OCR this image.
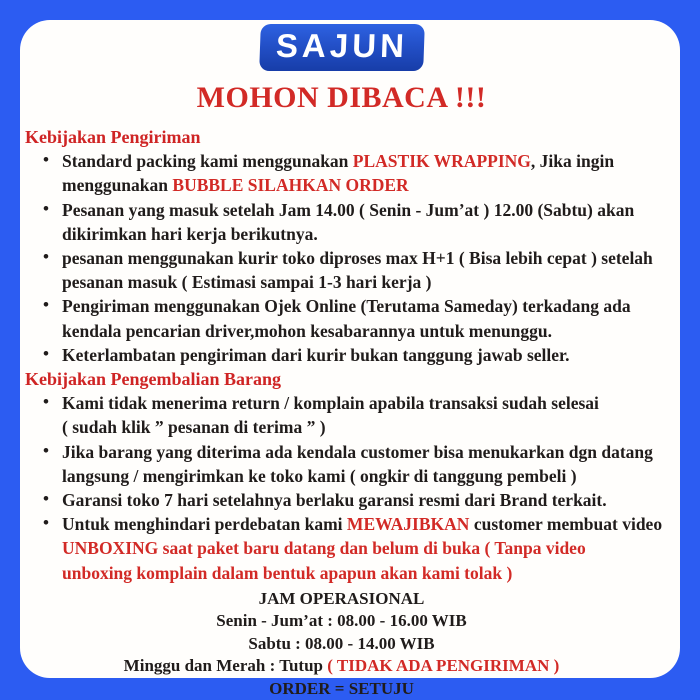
SAJUN
MOHON DIBACA !!!
Kebijakan Pengiriman
• Standard packing kami menggunakan PLASTIK WRAPPING, Jika ingin
menggunakan BUBBLE SILAHKAN ORDER
• Pesanan yang masuk setelah Jam 14.00 ( Senin - Jum’at ) 12.00 (Sabtu) akan
dikirimkan hari kerja berikutnya.
• pesanan menggunakan kurir toko diproses max H+1 ( Bisa lebih cepat ) setelah
pesanan masuk ( Estimasi sampai 1-3 hari kerja )
• Pengiriman menggunakan Ojek Online (Terutama Sameday) terkadang ada
kendala pencarian driver,mohon kesabarannya untuk menunggu.
• Keterlambatan pengiriman dari kurir bukan tanggung jawab seller.
Kebijakan Pengembalian Barang
• Kami tidak menerima return / komplain apabila transaksi sudah selesai
( sudah klik ” pesanan di terima ” )
• Jika barang yang diterima ada kendala customer bisa menukarkan dgn datang
langsung / mengirimkan ke toko kami ( ongkir di tanggung pembeli )
• Garansi toko 7 hari setelahnya berlaku garansi resmi dari Brand terkait.
• Untuk menghindari perdebatan kami MEWAJIBKAN customer membuat video
UNBOXING saat paket baru datang dan belum di buka ( Tanpa video
unboxing komplain dalam bentuk apapun akan kami tolak )
JAM OPERASIONAL
Senin - Jum’at : 08.00 - 16.00 WIB
Sabtu : 08.00 - 14.00 WIB
Minggu dan Merah : Tutup ( TIDAK ADA PENGIRIMAN )
ORDER = SETUJU
